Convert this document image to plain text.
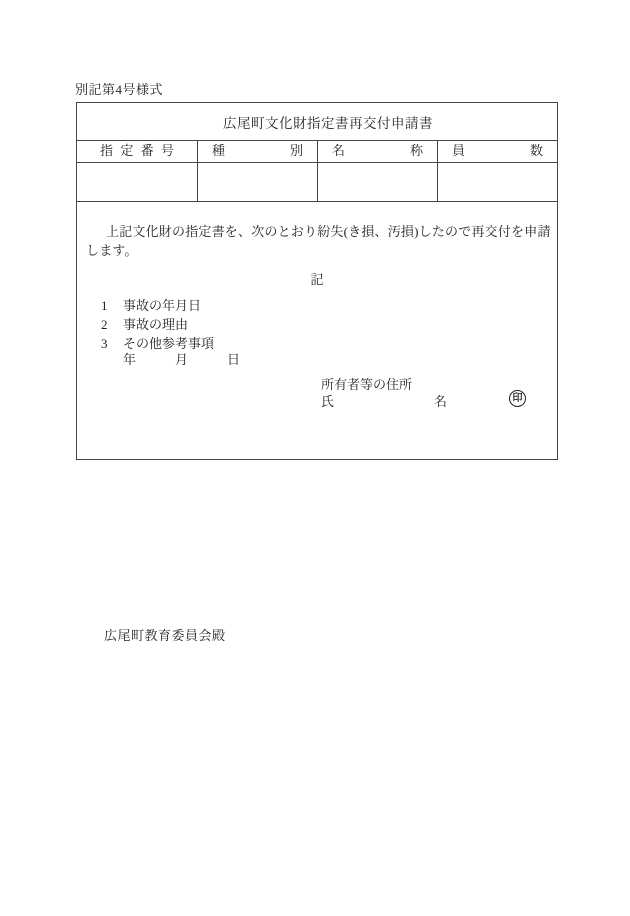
別記第4号様式
広尾町文化財指定書再交付申請書
指定番号	種別	名称	員数
上記文化財の指定書を、次のとおり紛失(き損、汚損)したので再交付を申請します。
記
1	事故の年月日
2	事故の理由
3	その他参考事項
年　　　月　　　日
所有者等の住所
氏名	印
広尾町教育委員会殿
